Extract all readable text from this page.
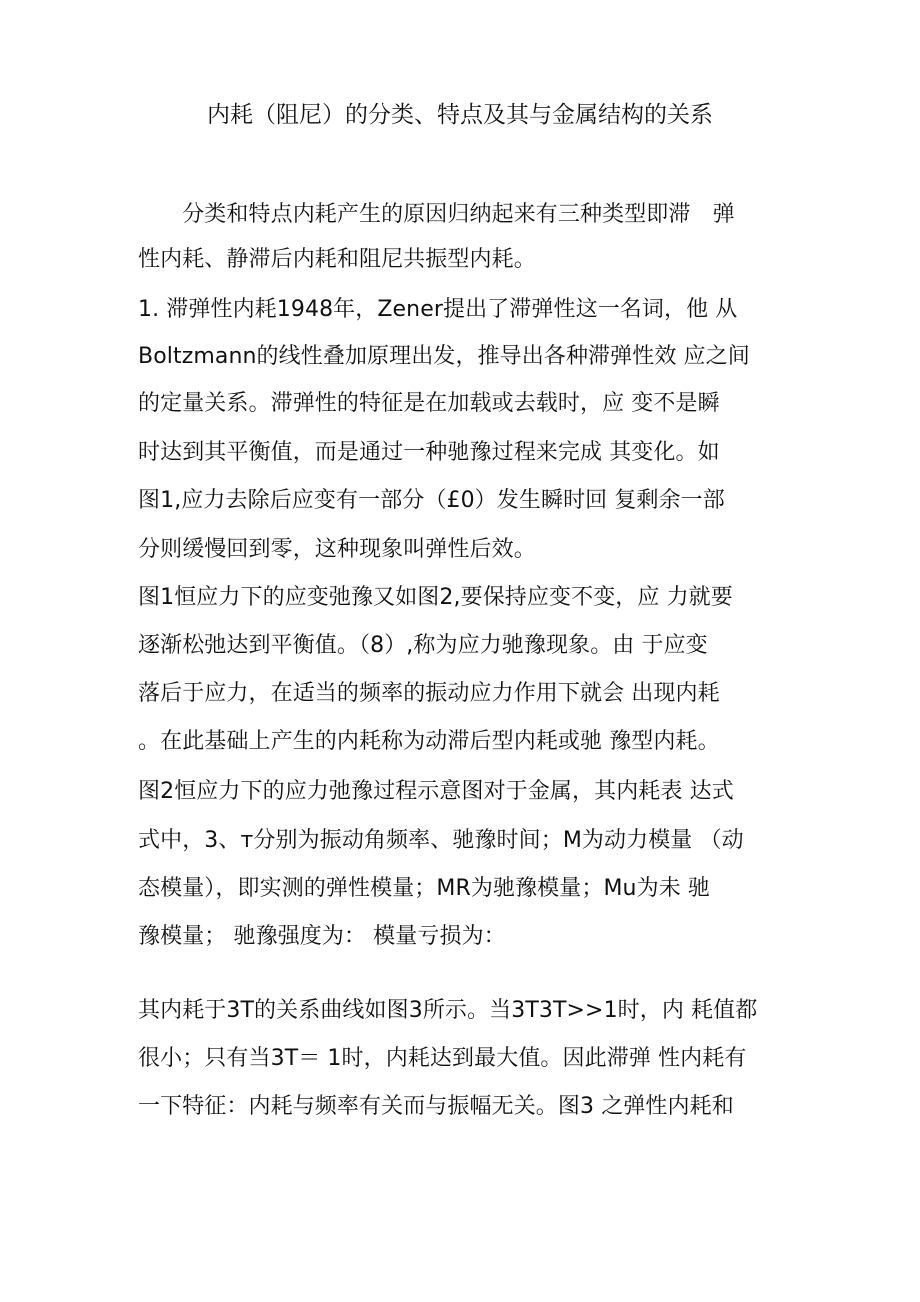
内耗（阻尼）的分类、特点及其与金属结构的关系
　　分类和特点内耗产生的原因归纳起来有三种类型即滞　弹
性内耗、静滞后内耗和阻尼共振型内耗。
1. 滞弹性内耗1948年，Zener提出了滞弹性这一名词，他 从
Boltzmann的线性叠加原理出发，推导出各种滞弹性效 应之间
的定量关系。滞弹性的特征是在加载或去载时，应 变不是瞬
时达到其平衡值，而是通过一种驰豫过程来完成 其变化。如
图1,应力去除后应变有一部分（£0）发生瞬时回 复剩余一部
分则缓慢回到零，这种现象叫弹性后效。
图1恒应力下的应变弛豫又如图2,要保持应变不变，应 力就要
逐渐松弛达到平衡值。（8）,称为应力驰豫现象。由 于应变
落后于应力，在适当的频率的振动应力作用下就会 出现内耗
。在此基础上产生的内耗称为动滞后型内耗或驰 豫型内耗。
图2恒应力下的应力弛豫过程示意图对于金属，其内耗表 达式
式中，3、т分别为振动角频率、驰豫时间；M为动力模量 （动
态模量），即实测的弹性模量；MR为驰豫模量；Mu为未 驰
豫模量； 驰豫强度为： 模量亏损为：
其内耗于3T的关系曲线如图3所示。当3T3T>>1时，内 耗值都
很小；只有当3T＝ 1时，内耗达到最大值。因此滞弹 性内耗有
一下特征：内耗与频率有关而与振幅无关。图3 之弹性内耗和
